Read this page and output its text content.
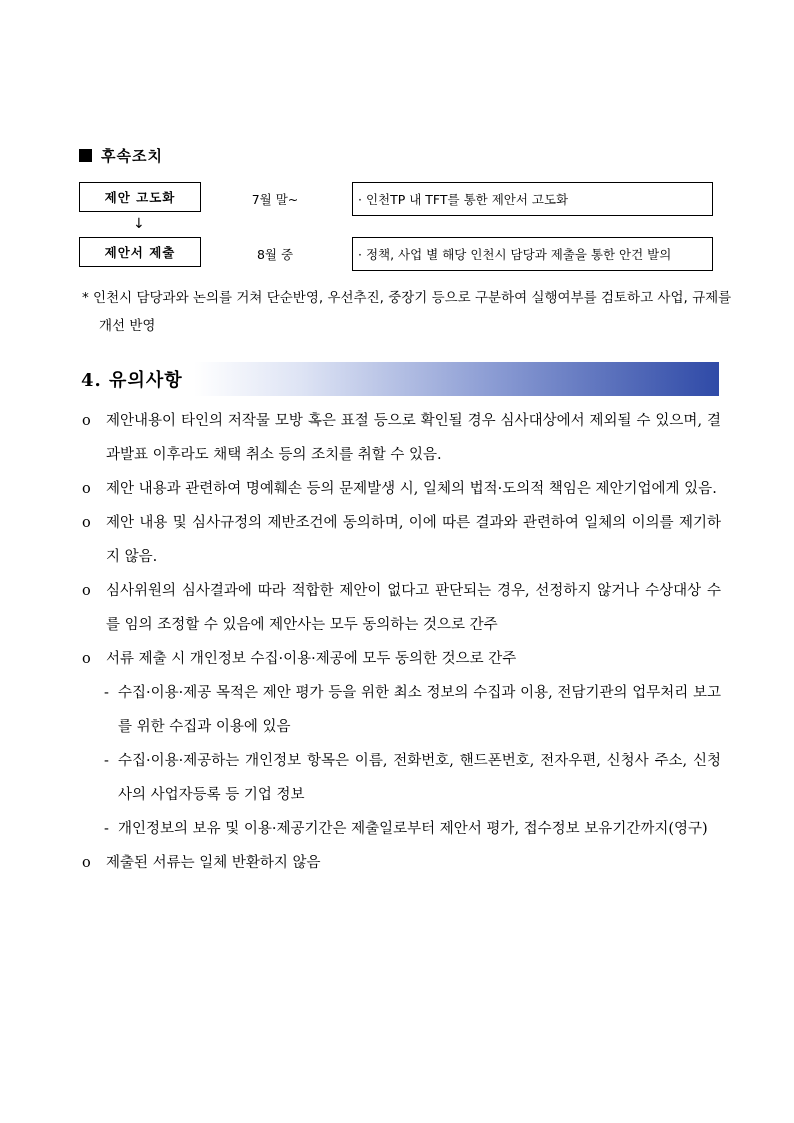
후속조치
제안 고도화
↓
제안서 제출
7월 말~
8월 중
· 인천TP 내 TFT를 통한 제안서 고도화
· 정책, 사업 별 해당 인천시 담당과 제출을 통한 안건 발의
* 인천시 담당과와 논의를 거쳐 단순반영, 우선추진, 중장기 등으로 구분하여 실행여부를 검토하고 사업, 규제를 개선 반영
4. 유의사항
o 제안내용이 타인의 저작물 모방 혹은 표절 등으로 확인될 경우 심사대상에서 제외될 수 있으며, 결과발표 이후라도 채택 취소 등의 조치를 취할 수 있음.
o 제안 내용과 관련하여 명예훼손 등의 문제발생 시, 일체의 법적·도의적 책임은 제안기업에게 있음.
o 제안 내용 및 심사규정의 제반조건에 동의하며, 이에 따른 결과와 관련하여 일체의 이의를 제기하지 않음.
o 심사위원의 심사결과에 따라 적합한 제안이 없다고 판단되는 경우, 선정하지 않거나 수상대상 수를 임의 조정할 수 있음에 제안사는 모두 동의하는 것으로 간주
o 서류 제출 시 개인정보 수집·이용·제공에 모두 동의한 것으로 간주
- 수집·이용·제공 목적은 제안 평가 등을 위한 최소 정보의 수집과 이용, 전담기관의 업무처리 보고를 위한 수집과 이용에 있음
- 수집·이용·제공하는 개인정보 항목은 이름, 전화번호, 핸드폰번호, 전자우편, 신청사 주소, 신청사의 사업자등록 등 기업 정보
- 개인정보의 보유 및 이용·제공기간은 제출일로부터 제안서 평가, 접수정보 보유기간까지(영구)
o 제출된 서류는 일체 반환하지 않음
